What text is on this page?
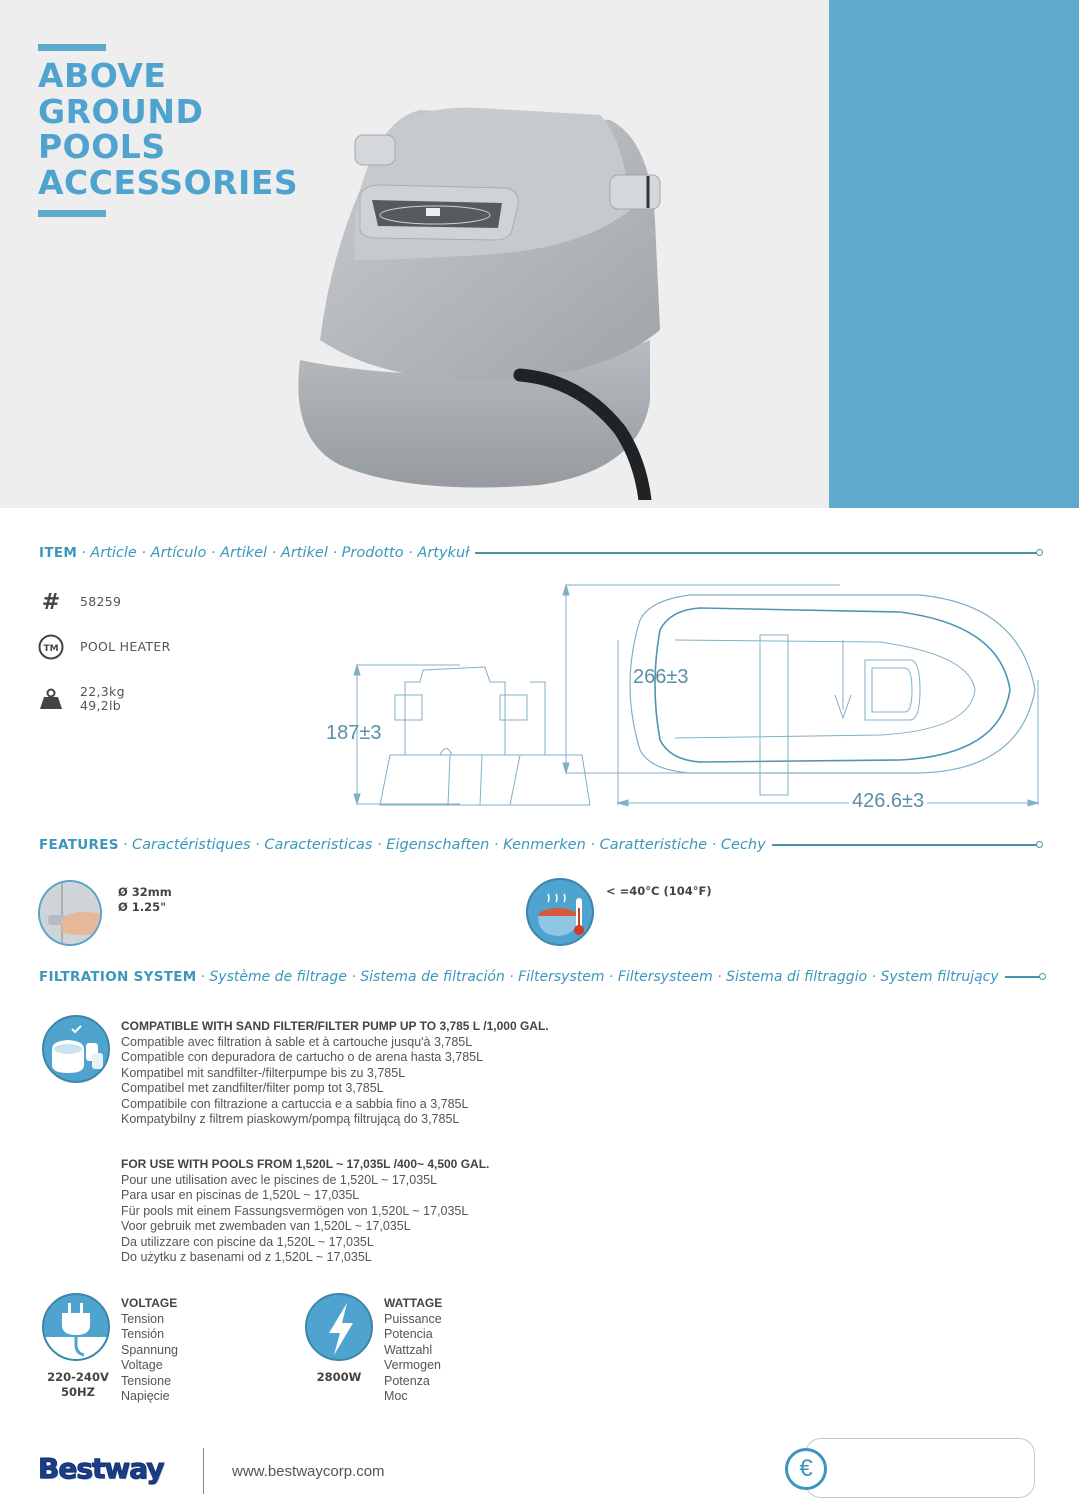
ABOVE
GROUND
POOLS
ACCESSORIES
ITEM · Article · Artículo · Artikel · Artikel · Prodotto · Artykuł
#	58259
TM POOL HEATER
22,3kg
49,2lb
187±3
266±3
426.6±3
FEATURES · Caractéristiques · Caracteristicas · Eigenschaften · Kenmerken · Caratteristiche · Cechy
Ø 32mm
Ø 1.25"
< =40°C (104°F)
FILTRATION SYSTEM · Système de filtrage · Sistema de filtración · Filtersystem · Filtersysteem · Sistema di filtraggio · System filtrujący
COMPATIBLE WITH SAND FILTER/FILTER PUMP UP TO 3,785 L /1,000 GAL.
Compatible avec filtration à sable et à cartouche jusqu'à 3,785L
Compatible con depuradora de cartucho o de arena hasta 3,785L
Kompatibel mit sandfilter-/filterpumpe bis zu 3,785L
Compatibel met zandfilter/filter pomp tot 3,785L
Compatibile con filtrazione a cartuccia e a sabbia fino a 3,785L
Kompatybilny z filtrem piaskowym/pompą filtrującą do 3,785L
FOR USE WITH POOLS FROM 1,520L ~ 17,035L /400~ 4,500 GAL.
Pour une utilisation avec le piscines de 1,520L ~ 17,035L
Para usar en piscinas de 1,520L ~ 17,035L
Für pools mit einem Fassungsvermögen von 1,520L ~ 17,035L
Voor gebruik met zwembaden van 1,520L ~ 17,035L
Da utilizzare con piscine da 1,520L ~ 17,035L
Do użytku z basenami od z 1,520L ~ 17,035L
220-240V
50HZ
VOLTAGE
Tension
Tensión
Spannung
Voltage
Tensione
Napięcie
2800W
WATTAGE
Puissance
Potencia
Wattzahl
Vermogen
Potenza
Moc
Bestway	www.bestwaycorp.com	€
